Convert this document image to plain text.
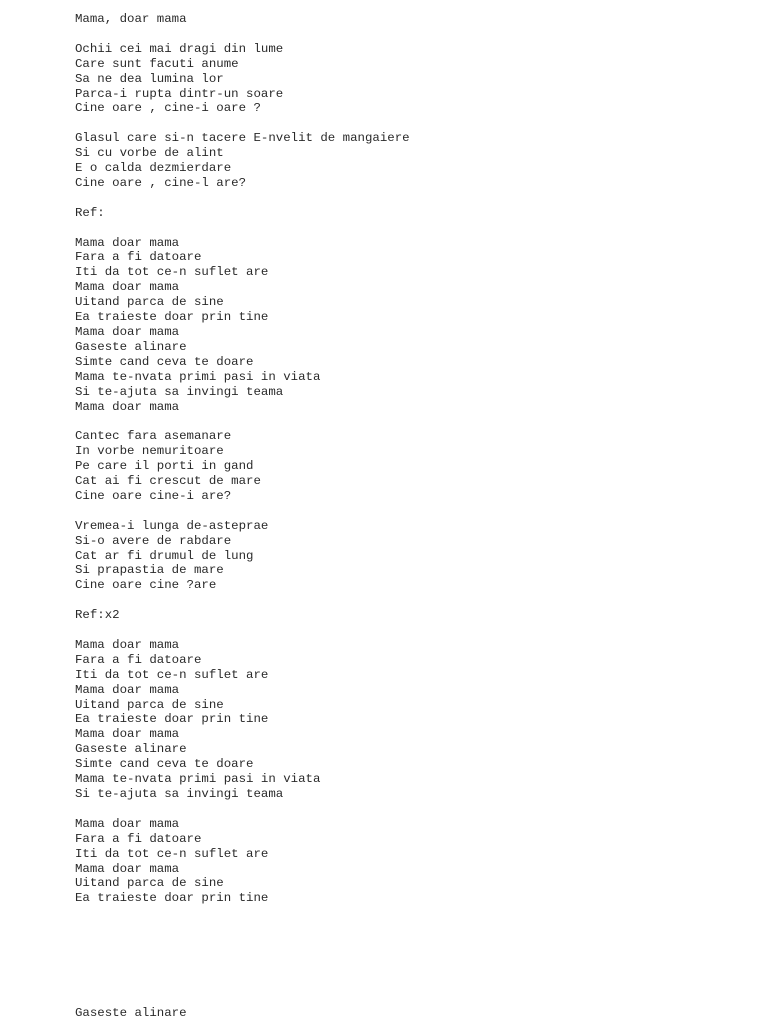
Mama, doar mama
Ochii cei mai dragi din lume
Care sunt facuti anume
Sa ne dea lumina lor
Parca-i rupta dintr-un soare
Cine oare , cine-i oare ?
Glasul care si-n tacere E-nvelit de mangaiere
Si cu vorbe de alint
E o calda dezmierdare
Cine oare , cine-l are?
Ref:
Mama doar mama
Fara a fi datoare
Iti da tot ce-n suflet are
Mama doar mama
Uitand parca de sine
Ea traieste doar prin tine
Mama doar mama
Gaseste alinare
Simte cand ceva te doare
Mama te-nvata primi pasi in viata
Si te-ajuta sa invingi teama
Mama doar mama
Cantec fara asemanare
In vorbe nemuritoare
Pe care il porti in gand
Cat ai fi crescut de mare
Cine oare cine-i are?
Vremea-i lunga de-asteprae
Si-o avere de rabdare
Cat ar fi drumul de lung
Si prapastia de mare
Cine oare cine ?are
Ref:x2
Mama doar mama
Fara a fi datoare
Iti da tot ce-n suflet are
Mama doar mama
Uitand parca de sine
Ea traieste doar prin tine
Mama doar mama
Gaseste alinare
Simte cand ceva te doare
Mama te-nvata primi pasi in viata
Si te-ajuta sa invingi teama
Mama doar mama
Fara a fi datoare
Iti da tot ce-n suflet are
Mama doar mama
Uitand parca de sine
Ea traieste doar prin tine
Gaseste alinare
